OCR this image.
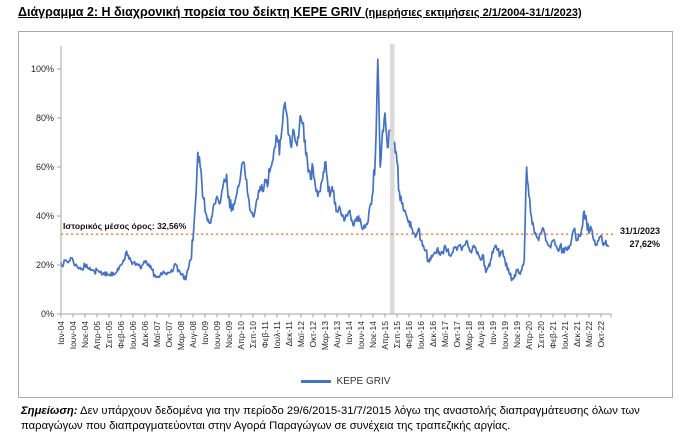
Διάγραμμα 2: Η διαχρονική πορεία του δείκτη KEPE GRIV (ημερήσιες εκτιμήσεις 2/1/2004-31/1/2023)
0%
20%
40%
60%
80%
100%
Ιαν-04 Ιουν-04 Νοε-04 Απρ-05 Σεπ-05 Φεβ-06 Ιουλ-06 Δεκ-06 Μαϊ-07 Οκτ-07 Μαρ-08 Αυγ-08 Ιαν-09 Ιουν-09 Νοε-09 Απρ-10 Σεπ-10 Φεβ-11 Ιουλ-11 Δεκ-11 Μαϊ-12 Οκτ-12 Μαρ-13 Αυγ-13 Ιαν-14 Ιουν-14 Νοε-14 Απρ-15 Σεπ-15 Φεβ-16 Ιουλ-16 Δεκ-16 Μαϊ-17 Οκτ-17 Μαρ-18 Αυγ-18 Ιαν-19 Ιουν-19 Νοε-19 Απρ-20 Σεπ-20 Φεβ-21 Ιουλ-21 Δεκ-21 Μαϊ-22 Οκτ-22
Ιστορικός μέσος όρος: 32,56%	31/1/2023
27,62%
KEPE GRIV
Σημείωση: Δεν υπάρχουν δεδομένα για την περίοδο 29/6/2015-31/7/2015 λόγω της αναστολής διαπραγμάτευσης όλων των παραγώγων που διαπραγματεύονται στην Αγορά Παραγώγων σε συνέχεια της τραπεζικής αργίας.
